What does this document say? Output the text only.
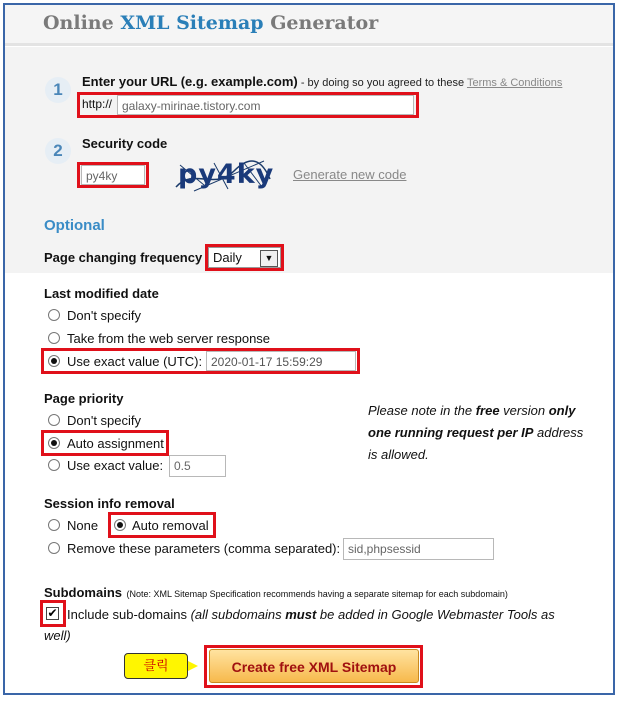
Online XML Sitemap Generator
1	Enter your URL (e.g. example.com) - by doing so you agreed to these Terms & Conditions
http:// galaxy-mirinae.tistory.com
2	Security code
py4ky	py4ky Generate new code
Optional
Page changing frequency Daily	▼
Last modified date
Don't specify
Take from the web server response
Use exact value (UTC): 2020-01-17 15:59:29
Page priority
Don't specify
Auto assignment
Use exact value: 0.5
Please note in the free version only
one running request per IP address
is allowed.
Session info removal
None	Auto removal
Remove these parameters (comma separated): sid,phpsessid
Subdomains (Note: XML Sitemap Specification recommends having a separate sitemap for each subdomain)
✔ Include sub-domains (all subdomains must be added in Google Webmaster Tools as
well)
클릭	Create free XML Sitemap
